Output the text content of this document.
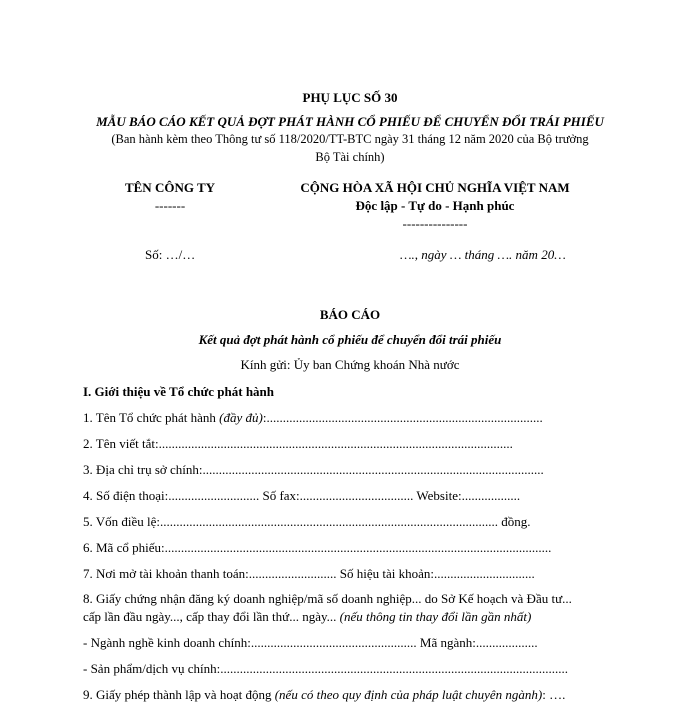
PHỤ LỤC SỐ 30
MẪU BÁO CÁO KẾT QUẢ ĐỢT PHÁT HÀNH CỔ PHIẾU ĐỂ CHUYỂN ĐỔI TRÁI PHIẾU
(Ban hành kèm theo Thông tư số 118/2020/TT-BTC ngày 31 tháng 12 năm 2020 của Bộ trưởng
Bộ Tài chính)
TÊN CÔNG TY
-------
CỘNG HÒA XÃ HỘI CHỦ NGHĨA VIỆT NAM
Độc lập - Tự do - Hạnh phúc
---------------
Số: …/…	…., ngày … tháng …. năm 20…
BÁO CÁO
Kết quả đợt phát hành cổ phiếu để chuyển đổi trái phiếu
Kính gửi: Ủy ban Chứng khoán Nhà nước
I. Giới thiệu về Tổ chức phát hành
1. Tên Tổ chức phát hành (đầy đủ):.....................................................................................
2. Tên viết tắt:.............................................................................................................
3. Địa chỉ trụ sở chính:.........................................................................................................
4. Số điện thoại:............................ Số fax:................................... Website:..................
5. Vốn điều lệ:........................................................................................................ đồng.
6. Mã cổ phiếu:.......................................................................................................................
7. Nơi mở tài khoản thanh toán:........................... Số hiệu tài khoản:...............................
8. Giấy chứng nhận đăng ký doanh nghiệp/mã số doanh nghiệp... do Sở Kế hoạch và Đầu tư...
cấp lần đầu ngày..., cấp thay đổi lần thứ... ngày... (nếu thông tin thay đổi lần gần nhất)
- Ngành nghề kinh doanh chính:................................................... Mã ngành:...................
- Sản phẩm/dịch vụ chính:...........................................................................................................
9. Giấy phép thành lập và hoạt động (nếu có theo quy định của pháp luật chuyên ngành): ….
